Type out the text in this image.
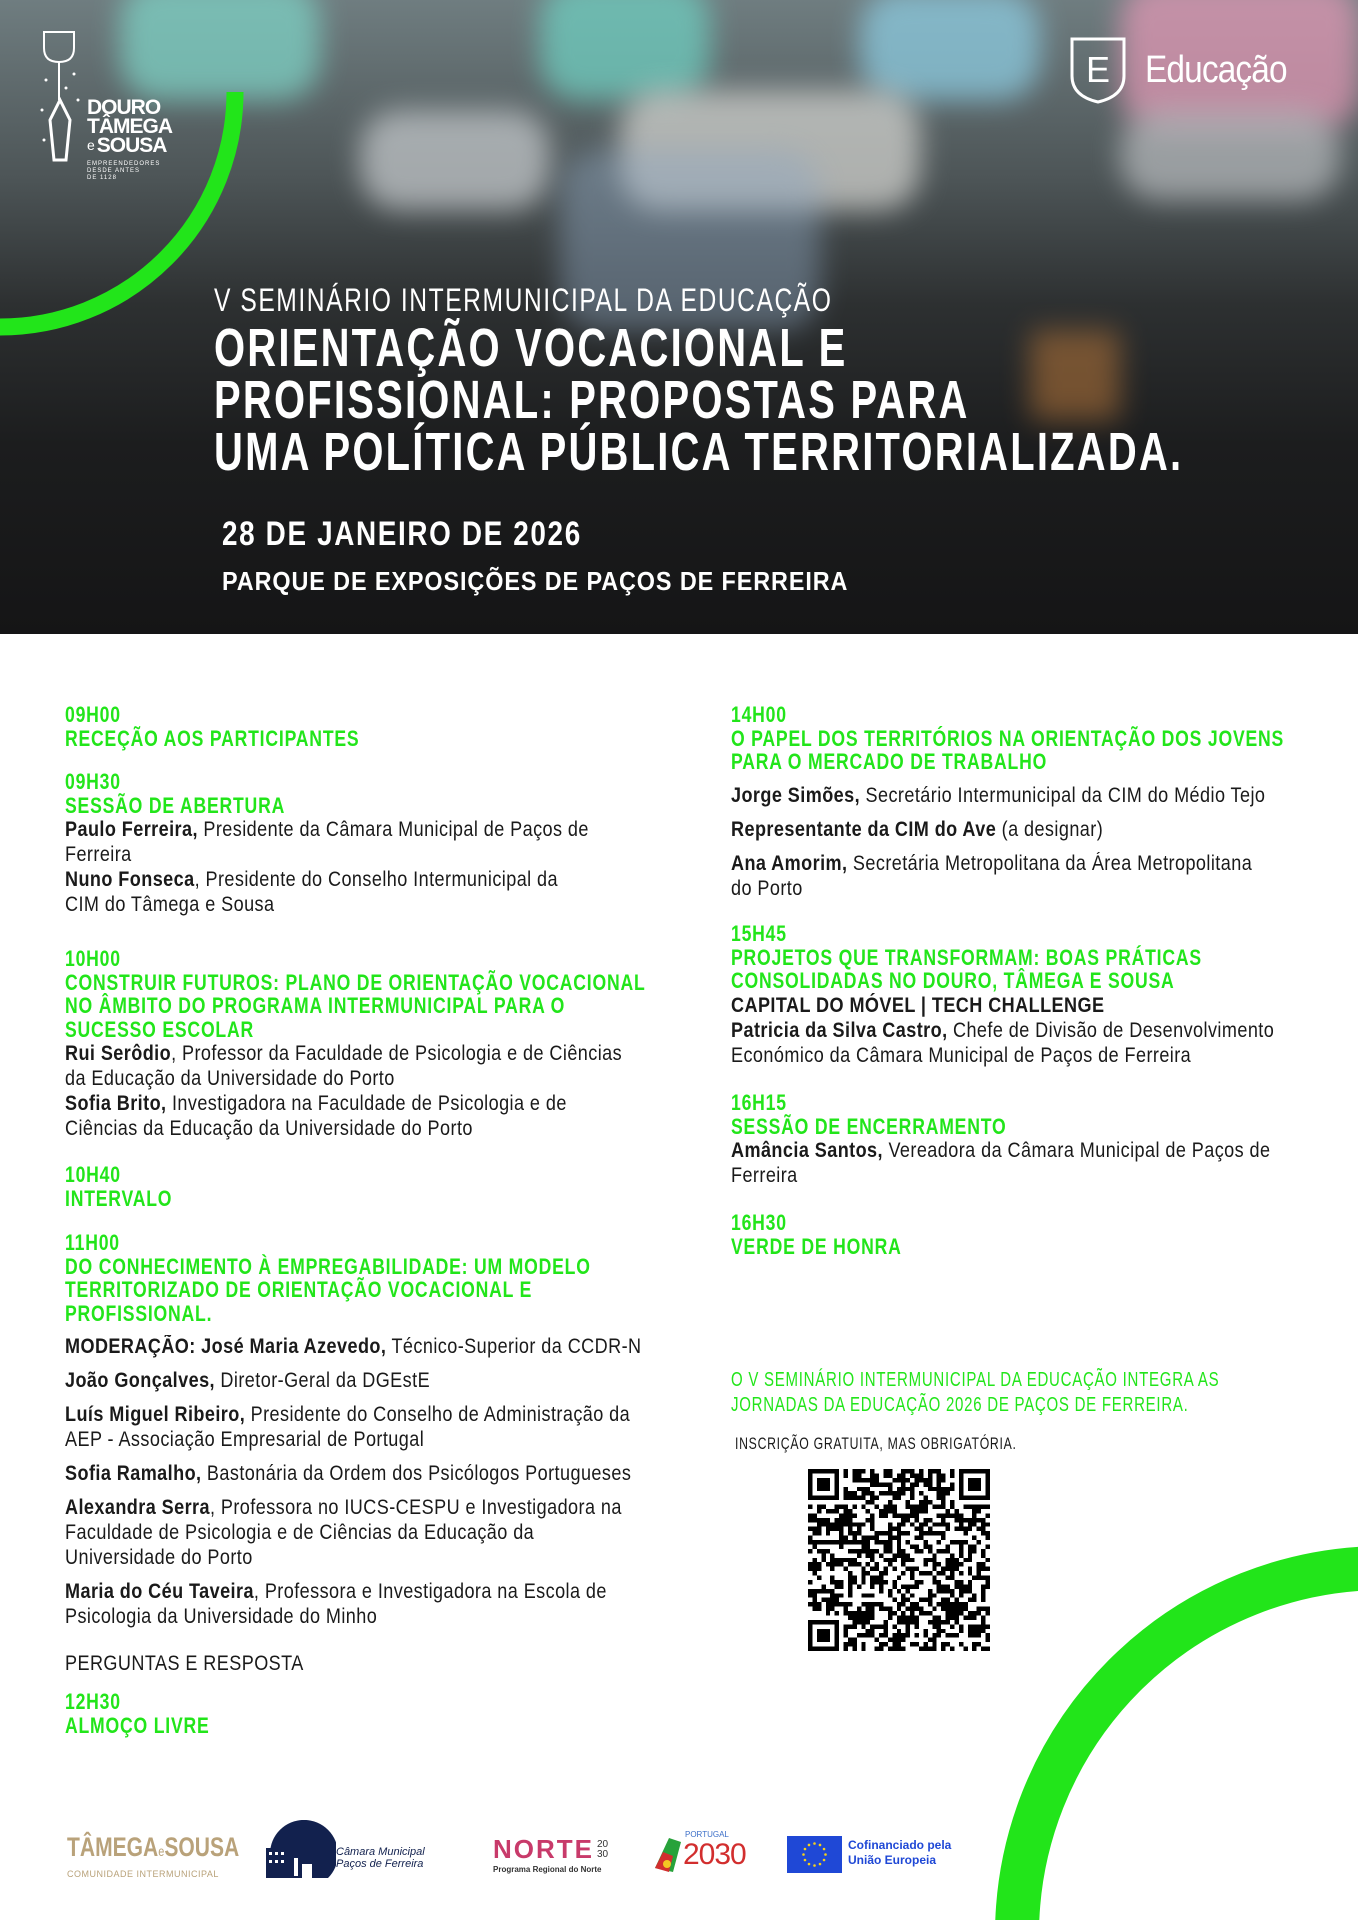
DOURO
TÂMEGA
e SOUSA
EMPREENDEDORES
DESDE ANTES
DE 1128
E Educação
V SEMINÁRIO INTERMUNICIPAL DA EDUCAÇÃO
ORIENTAÇÃO VOCACIONAL E
PROFISSIONAL: PROPOSTAS PARA
UMA POLÍTICA PÚBLICA TERRITORIALIZADA.
28 DE JANEIRO DE 2026
PARQUE DE EXPOSIÇÕES DE PAÇOS DE FERREIRA
09H00
RECEÇÃO AOS PARTICIPANTES
09H30
SESSÃO DE ABERTURA
Paulo Ferreira, Presidente da Câmara Municipal de Paços de
Ferreira
Nuno Fonseca, Presidente do Conselho Intermunicipal da
CIM do Tâmega e Sousa
10H00
CONSTRUIR FUTUROS: PLANO DE ORIENTAÇÃO VOCACIONAL
NO ÂMBITO DO PROGRAMA INTERMUNICIPAL PARA O
SUCESSO ESCOLAR
Rui Serôdio, Professor da Faculdade de Psicologia e de Ciências
da Educação da Universidade do Porto
Sofia Brito, Investigadora na Faculdade de Psicologia e de
Ciências da Educação da Universidade do Porto
10H40
INTERVALO
11H00
DO CONHECIMENTO À EMPREGABILIDADE: UM MODELO
TERRITORIZADO DE ORIENTAÇÃO VOCACIONAL E
PROFISSIONAL.
MODERAÇÃO: José Maria Azevedo, Técnico-Superior da CCDR-N
João Gonçalves, Diretor-Geral da DGEstE
Luís Miguel Ribeiro, Presidente do Conselho de Administração da
AEP - Associação Empresarial de Portugal
Sofia Ramalho, Bastonária da Ordem dos Psicólogos Portugueses
Alexandra Serra, Professora no IUCS-CESPU e Investigadora na
Faculdade de Psicologia e de Ciências da Educação da
Universidade do Porto
Maria do Céu Taveira, Professora e Investigadora na Escola de
Psicologia da Universidade do Minho
PERGUNTAS E RESPOSTA
12H30
ALMOÇO LIVRE
14H00
O PAPEL DOS TERRITÓRIOS NA ORIENTAÇÃO DOS JOVENS
PARA O MERCADO DE TRABALHO
Jorge Simões, Secretário Intermunicipal da CIM do Médio Tejo
Representante da CIM do Ave (a designar)
Ana Amorim, Secretária Metropolitana da Área Metropolitana
do Porto
15H45
PROJETOS QUE TRANSFORMAM: BOAS PRÁTICAS
CONSOLIDADAS NO DOURO, TÂMEGA E SOUSA
CAPITAL DO MÓVEL | TECH CHALLENGE
Patricia da Silva Castro, Chefe de Divisão de Desenvolvimento
Económico da Câmara Municipal de Paços de Ferreira
16H15
SESSÃO DE ENCERRAMENTO
Amância Santos, Vereadora da Câmara Municipal de Paços de
Ferreira
16H30
VERDE DE HONRA
O V SEMINÁRIO INTERMUNICIPAL DA EDUCAÇÃO INTEGRA AS
JORNADAS DA EDUCAÇÃO 2026 DE PAÇOS DE FERREIRA.
INSCRIÇÃO GRATUITA, MAS OBRIGATÓRIA.
TÂMEGAeSOUSA
COMUNIDADE INTERMUNICIPAL
Câmara Municipal
Paços de Ferreira	NORTE 20
30
Programa Regional do Norte
PORTUGAL
2030	Cofinanciado pela
União Europeia
